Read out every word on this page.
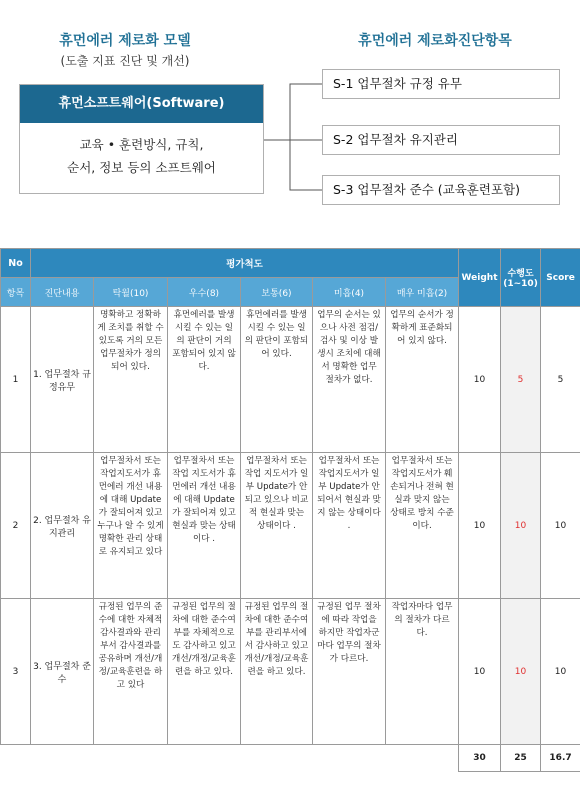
휴먼에러 제로화 모델
(도출 지표 진단 및 개선)
휴먼에러 제로화진단항목
휴먼소프트웨어(Software)
교육 • 훈련방식, 규칙,
순서, 정보 등의 소프트웨어
S-1 업무절차 규정 유무
S-2 업무절차 유지관리
S-3 업무절차 준수 (교육훈련포함)
No	평가척도						Weight	수행도 (1~10)	Score
항목	진단내용	탁월(10)	우수(8)	보통(6)	미흡(4)	매우 미흡(2)			
1	1. 업무절차 규정유무	명확하고 정확하게 조치를 취할 수 있도록 거의 모든 업무절차가 정의되어 있다.	휴먼에러를 발생시킬 수 있는 일의 판단이 거의 포함되어 있지 않다.	휴먼에러를 발생시킬 수 있는 일의 판단이 포함되어 있다.	업무의 순서는 있으나 사전 점검/검사 및 이상 발생시 조치에 대해서 명확한 업무 절차가 없다.	업무의 순서가 정확하게 표준화되어 있지 않다.	10	5	5
2	2. 업무절차 유지관리	업무절차서 또는 작업지도서가 휴먼에러 개선 내용에 대해 Update가 잘되어져 있고 누구나 알 수 있게 명확한 관리 상태로 유지되고 있다	업무절차서 또는작업 지도서가 휴먼에러 개선 내용에 대해 Update가 잘되어져 있고 현실과 맞는 상태이다 .	업무절차서 또는작업 지도서가 일부 Update가 안되고 있으나 비교적 현실과 맞는 상태이다 .	업무절차서 또는 작업지도서가 일부 Update가 안되어서 현실과 맞지 않는 상태이다 .	업무절차서 또는 작업지도서가 훼손되거나 전혀 현실과 맞지 않는 상태로 방치 수준이다.	10	10	10
3	3. 업무절차 준수	규정된 업무의 준수에 대한 자체적 감사결과와 관리부서 감사결과를 공유하며 개선/개정/교육훈련을 하고 있다	규정된 업무의 절차에 대한 준수여부를 자체적으로도 감사하고 있고 개선/개정/교육훈련을 하고 있다.	규정된 업무의 절차에 대한 준수여부를 관리부서에서 감사하고 있고 개선/개정/교육훈련을 하고 있다.	규정된 업무 절차에 따라 작업을 하지만 작업자군마다 업무의 절차가 다르다.	작업자마다 업무의 절차가 다르다.	10	10	10
							30	25	16.7
